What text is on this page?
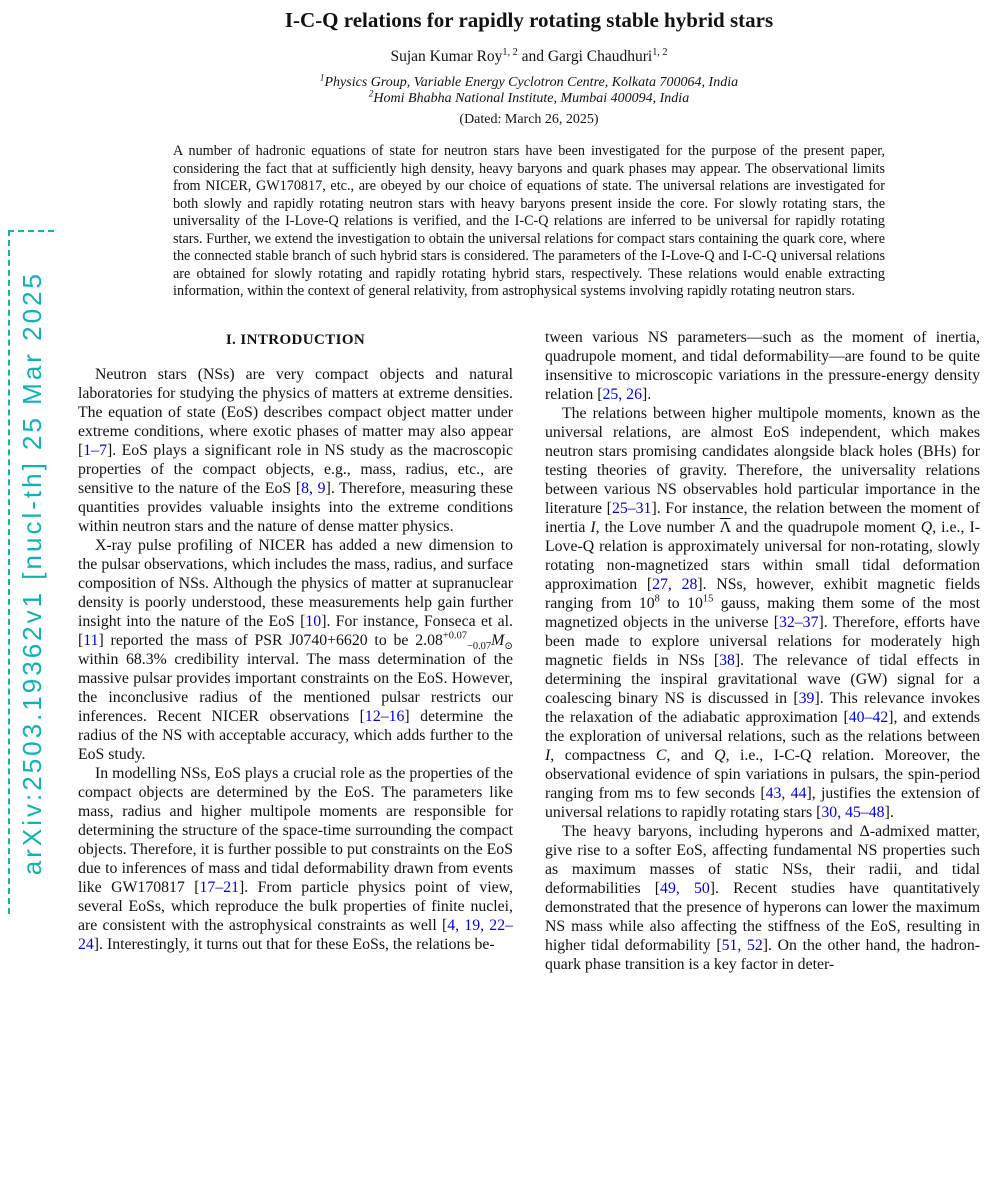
arXiv:2503.19362v1 [nucl-th] 25 Mar 2025
I-C-Q relations for rapidly rotating stable hybrid stars
Sujan Kumar Roy$^{1, 2}$ and Gargi Chaudhuri$^{1, 2}$
$^1$Physics Group, Variable Energy Cyclotron Centre, Kolkata 700064, India
$^2$Homi Bhabha National Institute, Mumbai 400094, India
(Dated: March 26, 2025)
A number of hadronic equations of state for neutron stars have been investigated for the purpose of the present paper, considering the fact that at sufficiently high density, heavy baryons and quark phases may appear. The observational limits from NICER, GW170817, etc., are obeyed by our choice of equations of state. The universal relations are investigated for both slowly and rapidly rotating neutron stars with heavy baryons present inside the core. For slowly rotating stars, the universality of the I-Love-Q relations is verified, and the I-C-Q relations are inferred to be universal for rapidly rotating stars. Further, we extend the investigation to obtain the universal relations for compact stars containing the quark core, where the connected stable branch of such hybrid stars is considered. The parameters of the I-Love-Q and I-C-Q universal relations are obtained for slowly rotating and rapidly rotating hybrid stars, respectively. These relations would enable extracting information, within the context of general relativity, from astrophysical systems involving rapidly rotating neutron stars.
I. INTRODUCTION

Neutron stars (NSs) are very compact objects and natural laboratories for studying the physics of matters at extreme densities. The equation of state (EoS) describes compact object matter under extreme conditions, where exotic phases of matter may also appear [1–7]. EoS plays a significant role in NS study as the macroscopic properties of the compact objects, e.g., mass, radius, etc., are sensitive to the nature of the EoS [8, 9]. Therefore, measuring these quantities provides valuable insights into the extreme conditions within neutron stars and the nature of dense matter physics.

X-ray pulse profiling of NICER has added a new dimension to the pulsar observations, which includes the mass, radius, and surface composition of NSs. Although the physics of matter at supranuclear density is poorly understood, these measurements help gain further insight into the nature of the EoS [10]. For instance, Fonseca et al. [11] reported the mass of PSR J0740+6620 to be $2.08^{+0.07}_{-0.07}M_⊙$ within 68.3% credibility interval. The mass determination of the massive pulsar provides important constraints on the EoS. However, the inconclusive radius of the mentioned pulsar restricts our inferences. Recent NICER observations [12–16] determine the radius of the NS with acceptable accuracy, which adds further to the EoS study.

In modelling NSs, EoS plays a crucial role as the properties of the compact objects are determined by the EoS. The parameters like mass, radius and higher multipole moments are responsible for determining the structure of the space-time surrounding the compact objects. Therefore, it is further possible to put constraints on the EoS due to inferences of mass and tidal deformability drawn from events like GW170817 [17–21]. From particle physics point of view, several EoSs, which reproduce the bulk properties of finite nuclei, are consistent with the astrophysical constraints as well [4, 19, 22–24]. Interestingly, it turns out that for these EoSs, the relations be-

tween various NS parameters—such as the moment of inertia, quadrupole moment, and tidal deformability—are found to be quite insensitive to microscopic variations in the pressure-energy density relation [25, 26].

The relations between higher multipole moments, known as the universal relations, are almost EoS independent, which makes neutron stars promising candidates alongside black holes (BHs) for testing theories of gravity. Therefore, the universality relations between various NS observables hold particular importance in the literature [25–31]. For instance, the relation between the moment of inertia I, the Love number $\overline{\Lambda}$ and the quadrupole moment Q, i.e., I-Love-Q relation is approximately universal for non-rotating, slowly rotating non-magnetized stars within small tidal deformation approximation [27, 28]. NSs, however, exhibit magnetic fields ranging from $10^8$ to $10^{15}$ gauss, making them some of the most magnetized objects in the universe [32–37]. Therefore, efforts have been made to explore universal relations for moderately high magnetic fields in NSs [38]. The relevance of tidal effects in determining the inspiral gravitational wave (GW) signal for a coalescing binary NS is discussed in [39]. This relevance invokes the relaxation of the adiabatic approximation [40–42], and extends the exploration of universal relations, such as the relations between I, compactness C, and Q, i.e., I-C-Q relation. Moreover, the observational evidence of spin variations in pulsars, the spin-period ranging from ms to few seconds [43, 44], justifies the extension of universal relations to rapidly rotating stars [30, 45–48].

The heavy baryons, including hyperons and Δ-admixed matter, give rise to a softer EoS, affecting fundamental NS properties such as maximum masses of static NSs, their radii, and tidal deformabilities [49, 50]. Recent studies have quantitatively demonstrated that the presence of hyperons can lower the maximum NS mass while also affecting the stiffness of the EoS, resulting in higher tidal deformability [51, 52]. On the other hand, the hadron-quark phase transition is a key factor in deter-
